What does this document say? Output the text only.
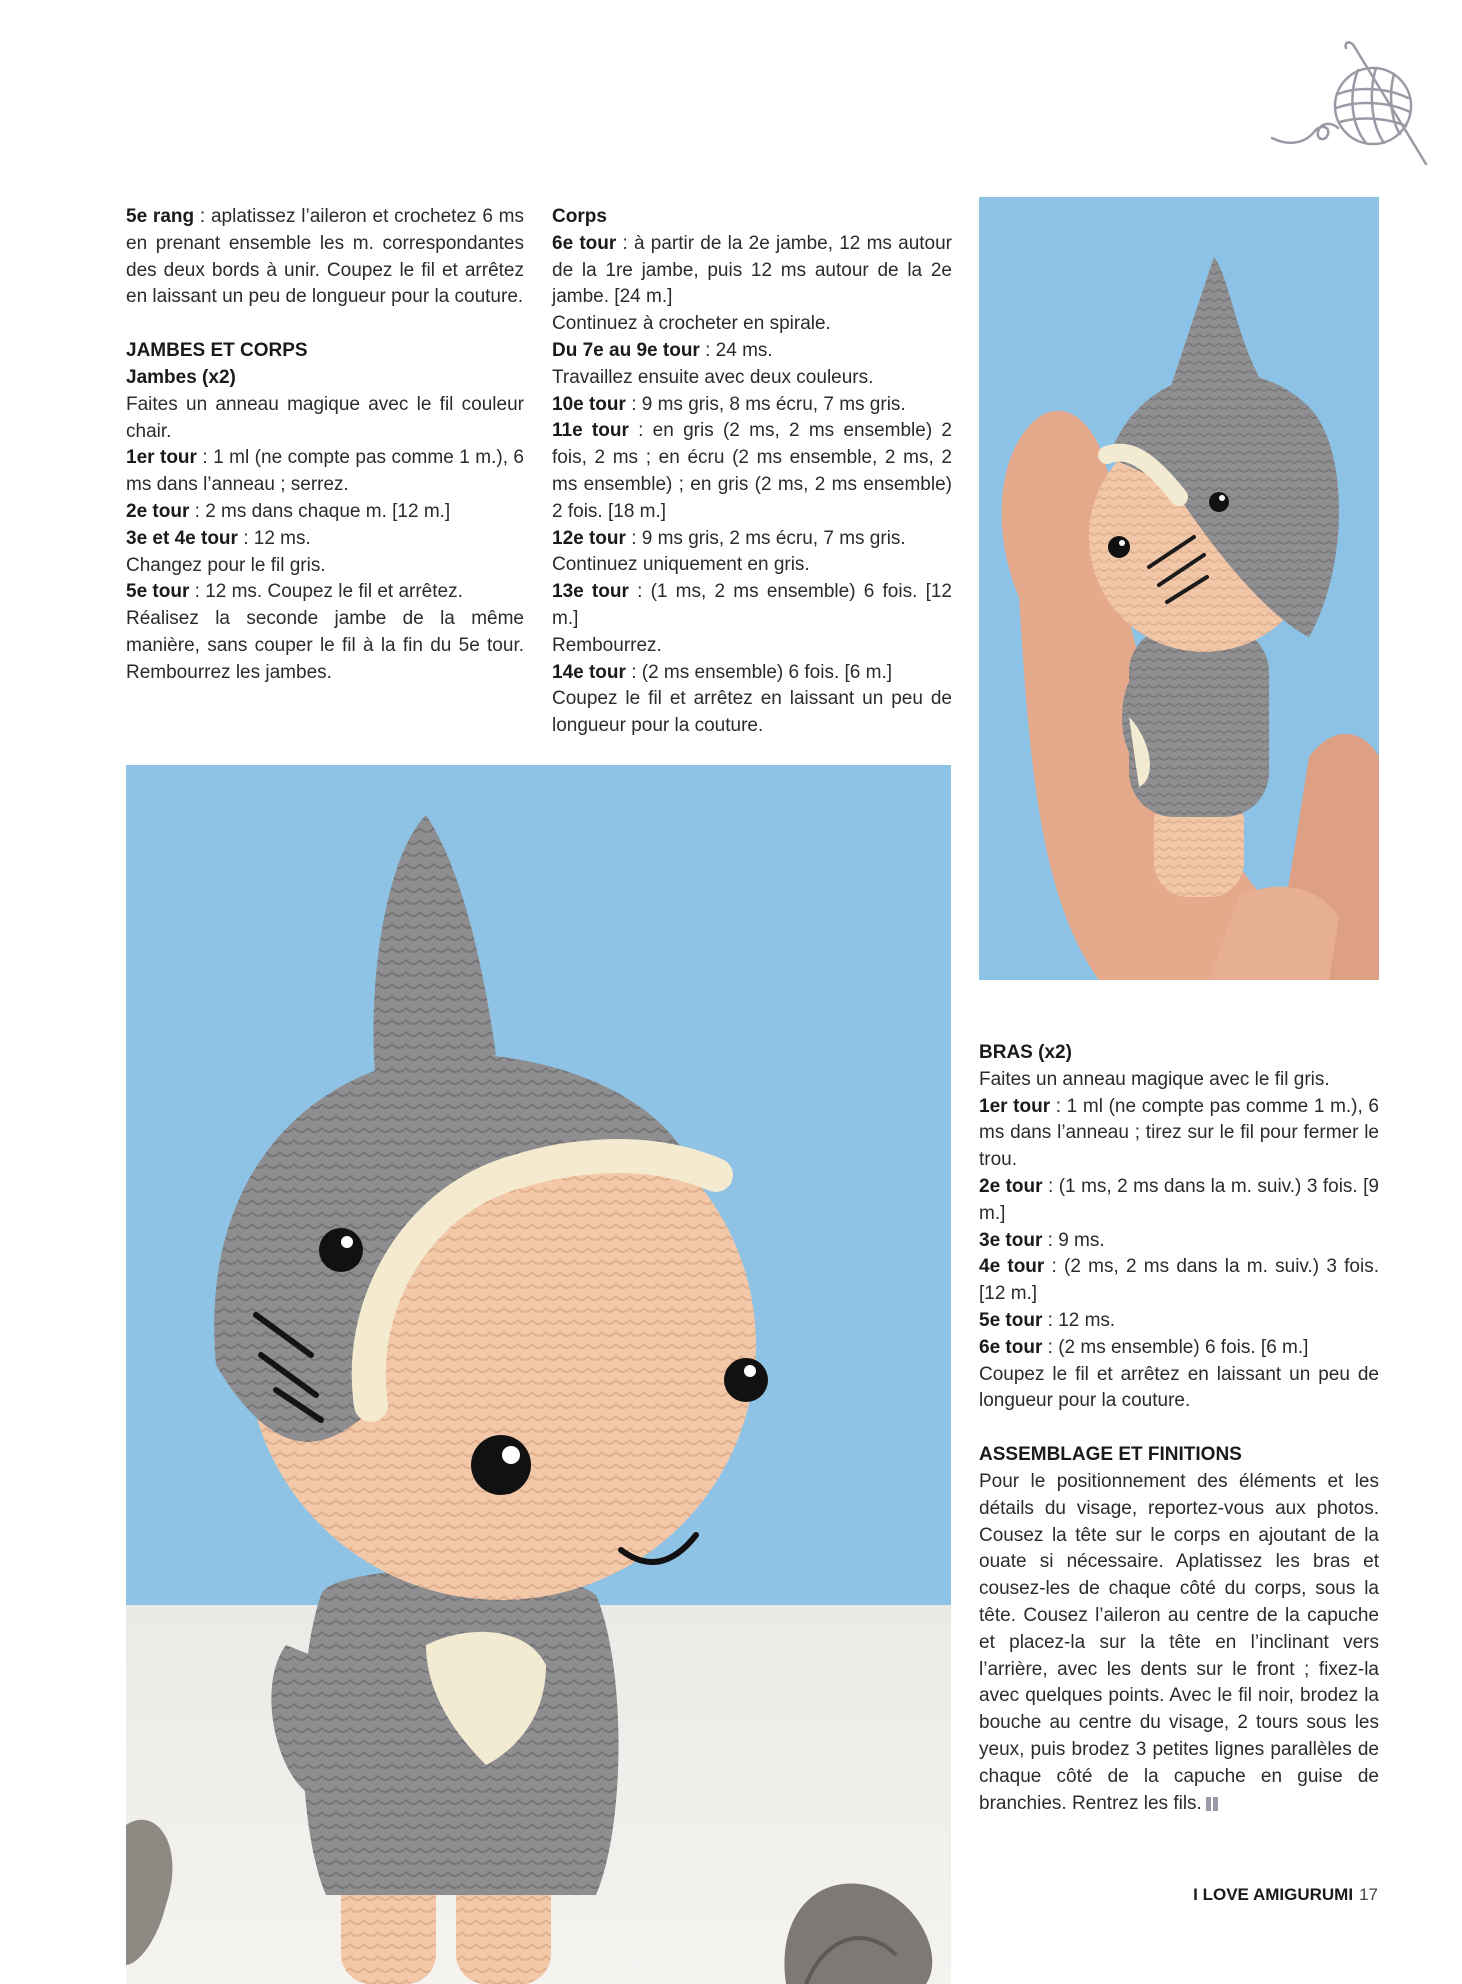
5e rang : aplatissez l’aileron et crochetez 6 ms en prenant ensemble les m. correspondantes des deux bords à unir. Coupez le fil et arrêtez en laissant un peu de longueur pour la couture.

JAMBES ET CORPS

Jambes (x2)

Faites un anneau magique avec le fil couleur chair.

1er tour : 1 ml (ne compte pas comme 1 m.), 6 ms dans l’anneau ; serrez.

2e tour : 2 ms dans chaque m. [12 m.]

3e et 4e tour : 12 ms.

Changez pour le fil gris.

5e tour : 12 ms. Coupez le fil et arrêtez.

Réalisez la seconde jambe de la même manière, sans couper le fil à la fin du 5e tour. Rembourrez les jambes.

Corps

6e tour : à partir de la 2e jambe, 12 ms autour de la 1re jambe, puis 12 ms autour de la 2e jambe. [24 m.]

Continuez à crocheter en spirale.

Du 7e au 9e tour : 24 ms.

Travaillez ensuite avec deux couleurs.

10e tour : 9 ms gris, 8 ms écru, 7 ms gris.

11e tour : en gris (2 ms, 2 ms ensemble) 2 fois, 2 ms ; en écru (2 ms ensemble, 2 ms, 2 ms ensemble) ; en gris (2 ms, 2 ms ensemble) 2 fois. [18 m.]

12e tour : 9 ms gris, 2 ms écru, 7 ms gris.

Continuez uniquement en gris.

13e tour : (1 ms, 2 ms ensemble) 6 fois. [12 m.]

Rembourrez.

14e tour : (2 ms ensemble) 6 fois. [6 m.]

Coupez le fil et arrêtez en laissant un peu de longueur pour la couture.

BRAS (x2)

Faites un anneau magique avec le fil gris.

1er tour : 1 ml (ne compte pas comme 1 m.), 6 ms dans l’anneau ; tirez sur le fil pour fermer le trou.

2e tour : (1 ms, 2 ms dans la m. suiv.) 3 fois. [9 m.]

3e tour : 9 ms.

4e tour : (2 ms, 2 ms dans la m. suiv.) 3 fois. [12 m.]

5e tour : 12 ms.

6e tour : (2 ms ensemble) 6 fois. [6 m.]

Coupez le fil et arrêtez en laissant un peu de longueur pour la couture.

ASSEMBLAGE ET FINITIONS

Pour le positionnement des éléments et les détails du visage, reportez-vous aux photos. Cousez la tête sur le corps en ajoutant de la ouate si nécessaire. Aplatissez les bras et cousez-les de chaque côté du corps, sous la tête. Cousez l’aileron au centre de la capuche et placez-la sur la tête en l’inclinant vers l’arrière, avec les dents sur le front ; fixez-la avec quelques points. Avec le fil noir, brodez la bouche au centre du visage, 2 tours sous les yeux, puis brodez 3 petites lignes parallèles de chaque côté de la capuche en guise de branchies. Rentrez les fils.

I LOVE AMIGURUMI 17
